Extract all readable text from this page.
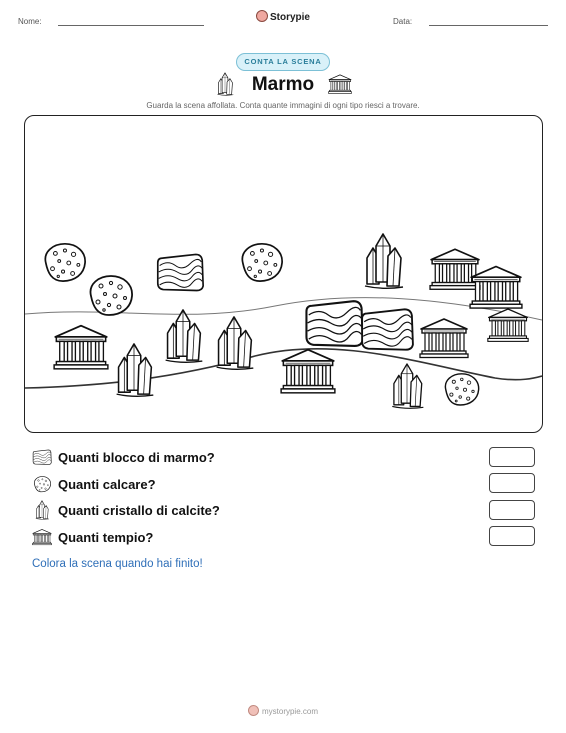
Nome:	Storypie	Data:
CONTA LA SCENA
Marmo
Guarda la scena affollata. Conta quante immagini di ogni tipo riesci a trovare.
Quanti blocco di marmo?
Quanti calcare?
Quanti cristallo di calcite?
Quanti tempio?
Colora la scena quando hai finito!
mystorypie.com
